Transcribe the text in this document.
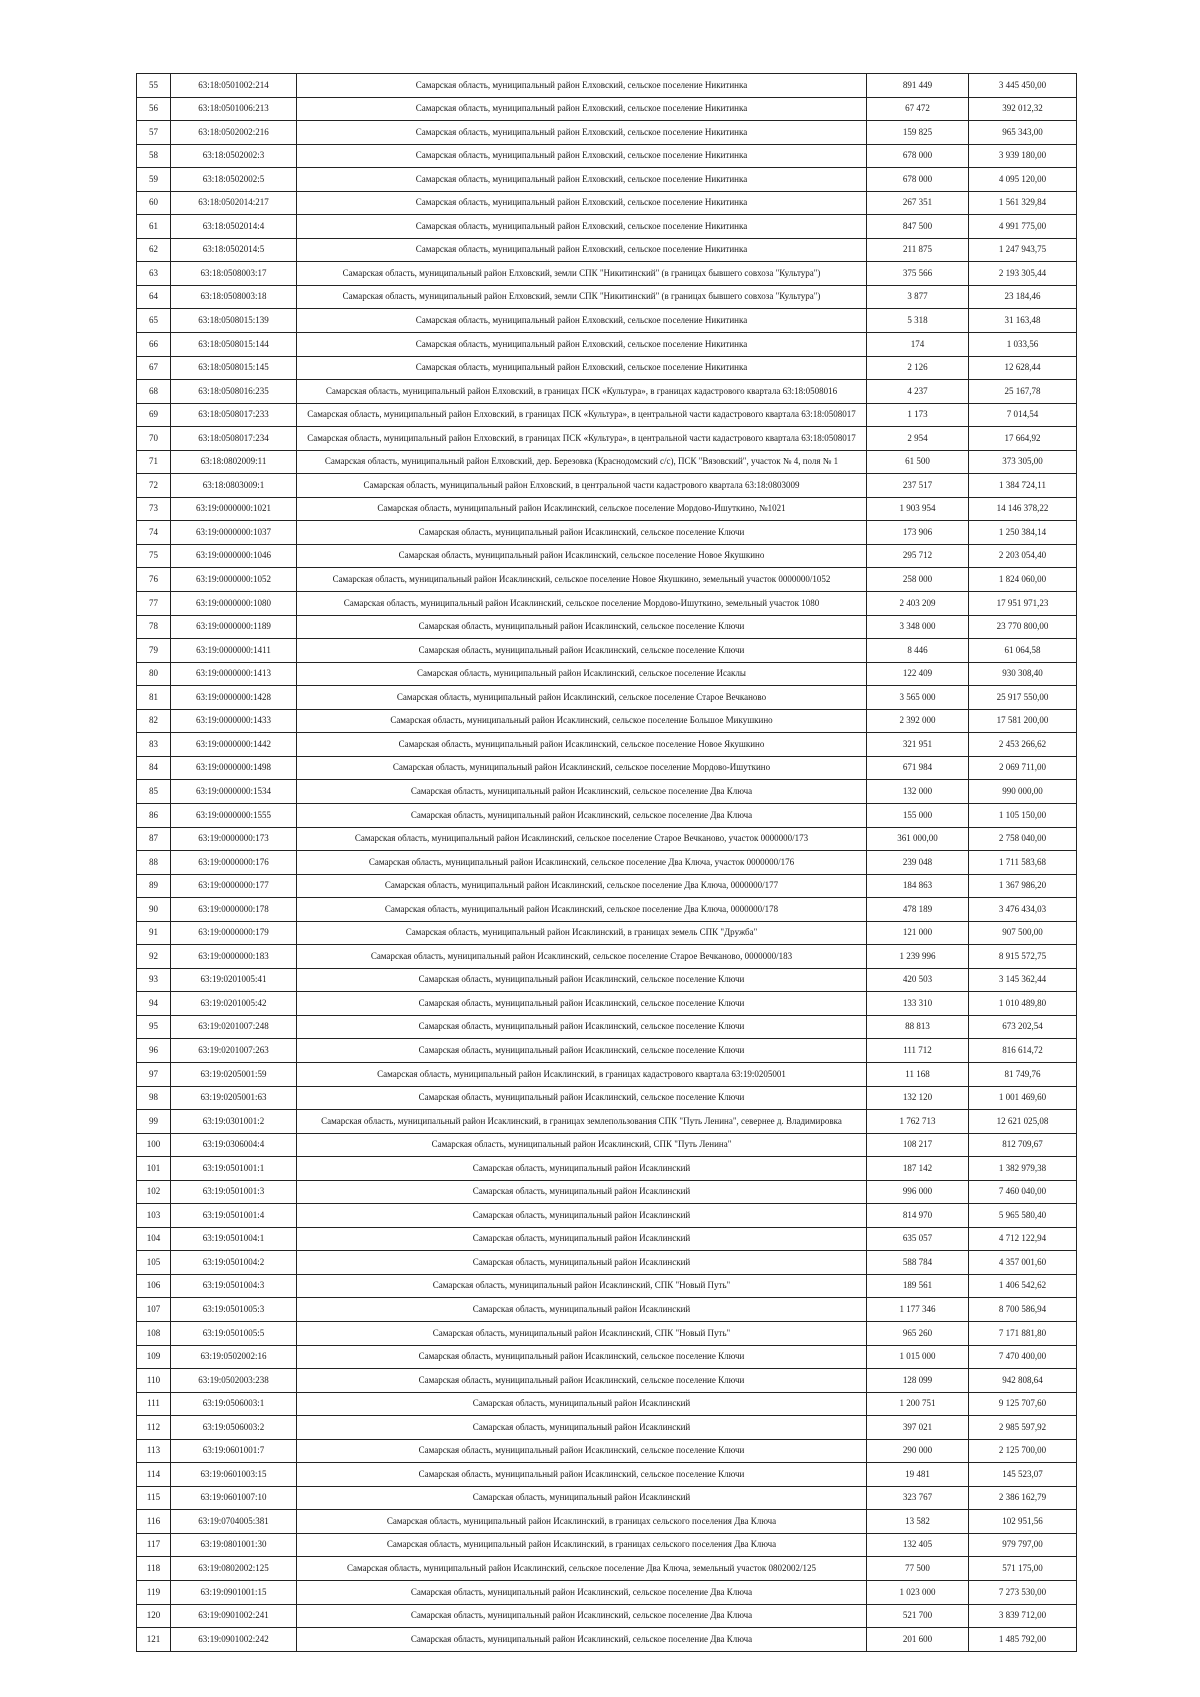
55	63:18:0501002:214	Самарская область, муниципальный район Елховский, сельское поселение Никитинка	891 449	3 445 450,00
56	63:18:0501006:213	Самарская область, муниципальный район Елховский, сельское поселение Никитинка	67 472	392 012,32
57	63:18:0502002:216	Самарская область, муниципальный район Елховский, сельское поселение Никитинка	159 825	965 343,00
58	63:18:0502002:3	Самарская область, муниципальный район Елховский, сельское поселение Никитинка	678 000	3 939 180,00
59	63:18:0502002:5	Самарская область, муниципальный район Елховский, сельское поселение Никитинка	678 000	4 095 120,00
60	63:18:0502014:217	Самарская область, муниципальный район Елховский, сельское поселение Никитинка	267 351	1 561 329,84
61	63:18:0502014:4	Самарская область, муниципальный район Елховский, сельское поселение Никитинка	847 500	4 991 775,00
62	63:18:0502014:5	Самарская область, муниципальный район Елховский, сельское поселение Никитинка	211 875	1 247 943,75
63	63:18:0508003:17	Самарская область, муниципальный район Елховский, земли СПК "Никитинский" (в границах бывшего совхоза "Культура")	375 566	2 193 305,44
64	63:18:0508003:18	Самарская область, муниципальный район Елховский, земли СПК "Никитинский" (в границах бывшего совхоза "Культура")	3 877	23 184,46
65	63:18:0508015:139	Самарская область, муниципальный район Елховский, сельское поселение Никитинка	5 318	31 163,48
66	63:18:0508015:144	Самарская область, муниципальный район Елховский, сельское поселение Никитинка	174	1 033,56
67	63:18:0508015:145	Самарская область, муниципальный район Елховский, сельское поселение Никитинка	2 126	12 628,44
68	63:18:0508016:235	Самарская область, муниципальный район Елховский, в границах ПСК «Культура», в границах кадастрового квартала 63:18:0508016	4 237	25 167,78
69	63:18:0508017:233	Самарская область, муниципальный район Елховский, в границах ПСК «Культура», в центральной части кадастрового квартала 63:18:0508017	1 173	7 014,54
70	63:18:0508017:234	Самарская область, муниципальный район Елховский, в границах ПСК «Культура», в центральной части кадастрового квартала 63:18:0508017	2 954	17 664,92
71	63:18:0802009:11	Самарская область, муниципальный район Елховский, дер. Березовка (Краснодомский с/с), ПСК "Вязовский", участок № 4, поля № 1	61 500	373 305,00
72	63:18:0803009:1	Самарская область, муниципальный район Елховский, в центральной части кадастрового квартала 63:18:0803009	237 517	1 384 724,11
73	63:19:0000000:1021	Самарская область, муниципальный район Исаклинский, сельское поселение Мордово-Ишуткино, №1021	1 903 954	14 146 378,22
74	63:19:0000000:1037	Самарская область, муниципальный район Исаклинский, сельское поселение Ключи	173 906	1 250 384,14
75	63:19:0000000:1046	Самарская область, муниципальный район Исаклинский, сельское поселение Новое Якушкино	295 712	2 203 054,40
76	63:19:0000000:1052	Самарская область, муниципальный район Исаклинский, сельское поселение Новое Якушкино, земельный участок 0000000/1052	258 000	1 824 060,00
77	63:19:0000000:1080	Самарская область, муниципальный район Исаклинский, сельское поселение Мордово-Ишуткино, земельный участок 1080	2 403 209	17 951 971,23
78	63:19:0000000:1189	Самарская область, муниципальный район Исаклинский, сельское поселение Ключи	3 348 000	23 770 800,00
79	63:19:0000000:1411	Самарская область, муниципальный район Исаклинский, сельское поселение Ключи	8 446	61 064,58
80	63:19:0000000:1413	Самарская область, муниципальный район Исаклинский, сельское поселение Исаклы	122 409	930 308,40
81	63:19:0000000:1428	Самарская область, муниципальный район Исаклинский, сельское поселение Старое Вечканово	3 565 000	25 917 550,00
82	63:19:0000000:1433	Самарская область, муниципальный район Исаклинский, сельское поселение Большое Микушкино	2 392 000	17 581 200,00
83	63:19:0000000:1442	Самарская область, муниципальный район Исаклинский, сельское поселение Новое Якушкино	321 951	2 453 266,62
84	63:19:0000000:1498	Самарская область, муниципальный район Исаклинский, сельское поселение Мордово-Ишуткино	671 984	2 069 711,00
85	63:19:0000000:1534	Самарская область, муниципальный район Исаклинский, сельское поселение Два Ключа	132 000	990 000,00
86	63:19:0000000:1555	Самарская область, муниципальный район Исаклинский, сельское поселение Два Ключа	155 000	1 105 150,00
87	63:19:0000000:173	Самарская область, муниципальный район Исаклинский, сельское поселение Старое Вечканово, участок 0000000/173	361 000,00	2 758 040,00
88	63:19:0000000:176	Самарская область, муниципальный район Исаклинский, сельское поселение Два Ключа, участок 0000000/176	239 048	1 711 583,68
89	63:19:0000000:177	Самарская область, муниципальный район Исаклинский, сельское поселение Два Ключа, 0000000/177	184 863	1 367 986,20
90	63:19:0000000:178	Самарская область, муниципальный район Исаклинский, сельское поселение Два Ключа, 0000000/178	478 189	3 476 434,03
91	63:19:0000000:179	Самарская область, муниципальный район Исаклинский, в границах земель СПК "Дружба"	121 000	907 500,00
92	63:19:0000000:183	Самарская область, муниципальный район Исаклинский, сельское поселение Старое Вечканово, 0000000/183	1 239 996	8 915 572,75
93	63:19:0201005:41	Самарская область, муниципальный район Исаклинский, сельское поселение Ключи	420 503	3 145 362,44
94	63:19:0201005:42	Самарская область, муниципальный район Исаклинский, сельское поселение Ключи	133 310	1 010 489,80
95	63:19:0201007:248	Самарская область, муниципальный район Исаклинский, сельское поселение Ключи	88 813	673 202,54
96	63:19:0201007:263	Самарская область, муниципальный район Исаклинский, сельское поселение Ключи	111 712	816 614,72
97	63:19:0205001:59	Самарская область, муниципальный район Исаклинский, в границах кадастрового квартала 63:19:0205001	11 168	81 749,76
98	63:19:0205001:63	Самарская область, муниципальный район Исаклинский, сельское поселение Ключи	132 120	1 001 469,60
99	63:19:0301001:2	Самарская область, муниципальный район Исаклинский, в границах землепользования СПК "Путь Ленина", севернее д. Владимировка	1 762 713	12 621 025,08
100	63:19:0306004:4	Самарская область, муниципальный район Исаклинский, СПК "Путь Ленина"	108 217	812 709,67
101	63:19:0501001:1	Самарская область, муниципальный район Исаклинский	187 142	1 382 979,38
102	63:19:0501001:3	Самарская область, муниципальный район Исаклинский	996 000	7 460 040,00
103	63:19:0501001:4	Самарская область, муниципальный район Исаклинский	814 970	5 965 580,40
104	63:19:0501004:1	Самарская область, муниципальный район Исаклинский	635 057	4 712 122,94
105	63:19:0501004:2	Самарская область, муниципальный район Исаклинский	588 784	4 357 001,60
106	63:19:0501004:3	Самарская область, муниципальный район Исаклинский, СПК "Новый Путь"	189 561	1 406 542,62
107	63:19:0501005:3	Самарская область, муниципальный район Исаклинский	1 177 346	8 700 586,94
108	63:19:0501005:5	Самарская область, муниципальный район Исаклинский, СПК "Новый Путь"	965 260	7 171 881,80
109	63:19:0502002:16	Самарская область, муниципальный район Исаклинский, сельское поселение Ключи	1 015 000	7 470 400,00
110	63:19:0502003:238	Самарская область, муниципальный район Исаклинский, сельское поселение Ключи	128 099	942 808,64
111	63:19:0506003:1	Самарская область, муниципальный район Исаклинский	1 200 751	9 125 707,60
112	63:19:0506003:2	Самарская область, муниципальный район Исаклинский	397 021	2 985 597,92
113	63:19:0601001:7	Самарская область, муниципальный район Исаклинский, сельское поселение Ключи	290 000	2 125 700,00
114	63:19:0601003:15	Самарская область, муниципальный район Исаклинский, сельское поселение Ключи	19 481	145 523,07
115	63:19:0601007:10	Самарская область, муниципальный район Исаклинский	323 767	2 386 162,79
116	63:19:0704005:381	Самарская область, муниципальный район Исаклинский, в границах сельского поселения Два Ключа	13 582	102 951,56
117	63:19:0801001:30	Самарская область, муниципальный район Исаклинский, в границах сельского поселения Два Ключа	132 405	979 797,00
118	63:19:0802002:125	Самарская область, муниципальный район Исаклинский, сельское поселение Два Ключа, земельный участок 0802002/125	77 500	571 175,00
119	63:19:0901001:15	Самарская область, муниципальный район Исаклинский, сельское поселение Два Ключа	1 023 000	7 273 530,00
120	63:19:0901002:241	Самарская область, муниципальный район Исаклинский, сельское поселение Два Ключа	521 700	3 839 712,00
121	63:19:0901002:242	Самарская область, муниципальный район Исаклинский, сельское поселение Два Ключа	201 600	1 485 792,00
